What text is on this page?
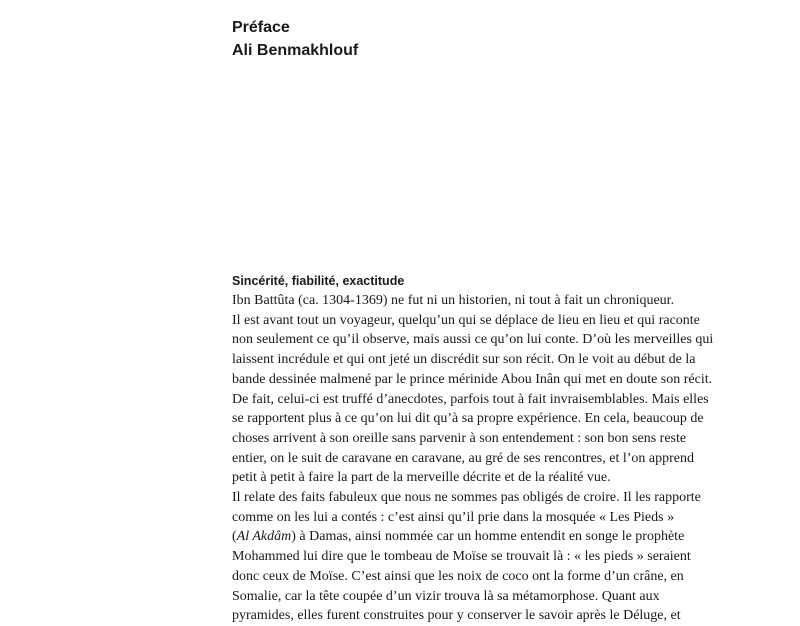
Préface
Ali Benmakhlouf

Sincérité, fiabilité, exactitude

Ibn Battûta (ca. 1304-1369) ne fut ni un historien, ni tout à fait un chroniqueur.

Il est avant tout un voyageur, quelqu’un qui se déplace de lieu en lieu et qui raconte

non seulement ce qu’il observe, mais aussi ce qu’on lui conte. D’où les merveilles qui

laissent incrédule et qui ont jeté un discrédit sur son récit. On le voit au début de la

bande dessinée malmené par le prince mérinide Abou Inân qui met en doute son récit.

De fait, celui-ci est truffé d’anecdotes, parfois tout à fait invraisemblables. Mais elles

se rapportent plus à ce qu’on lui dit qu’à sa propre expérience. En cela, beaucoup de

choses arrivent à son oreille sans parvenir à son entendement : son bon sens reste

entier, on le suit de caravane en caravane, au gré de ses rencontres, et l’on apprend

petit à petit à faire la part de la merveille décrite et de la réalité vue.

Il relate des faits fabuleux que nous ne sommes pas obligés de croire. Il les rapporte

comme on les lui a contés : c’est ainsi qu’il prie dans la mosquée « Les Pieds »

(Al Akdâm) à Damas, ainsi nommée car un homme entendit en songe le prophète

Mohammed lui dire que le tombeau de Moïse se trouvait là : « les pieds » seraient

donc ceux de Moïse. C’est ainsi que les noix de coco ont la forme d’un crâne, en

Somalie, car la tête coupée d’un vizir trouva là sa métamorphose. Quant aux

pyramides, elles furent construites pour y conserver le savoir après le Déluge, et
